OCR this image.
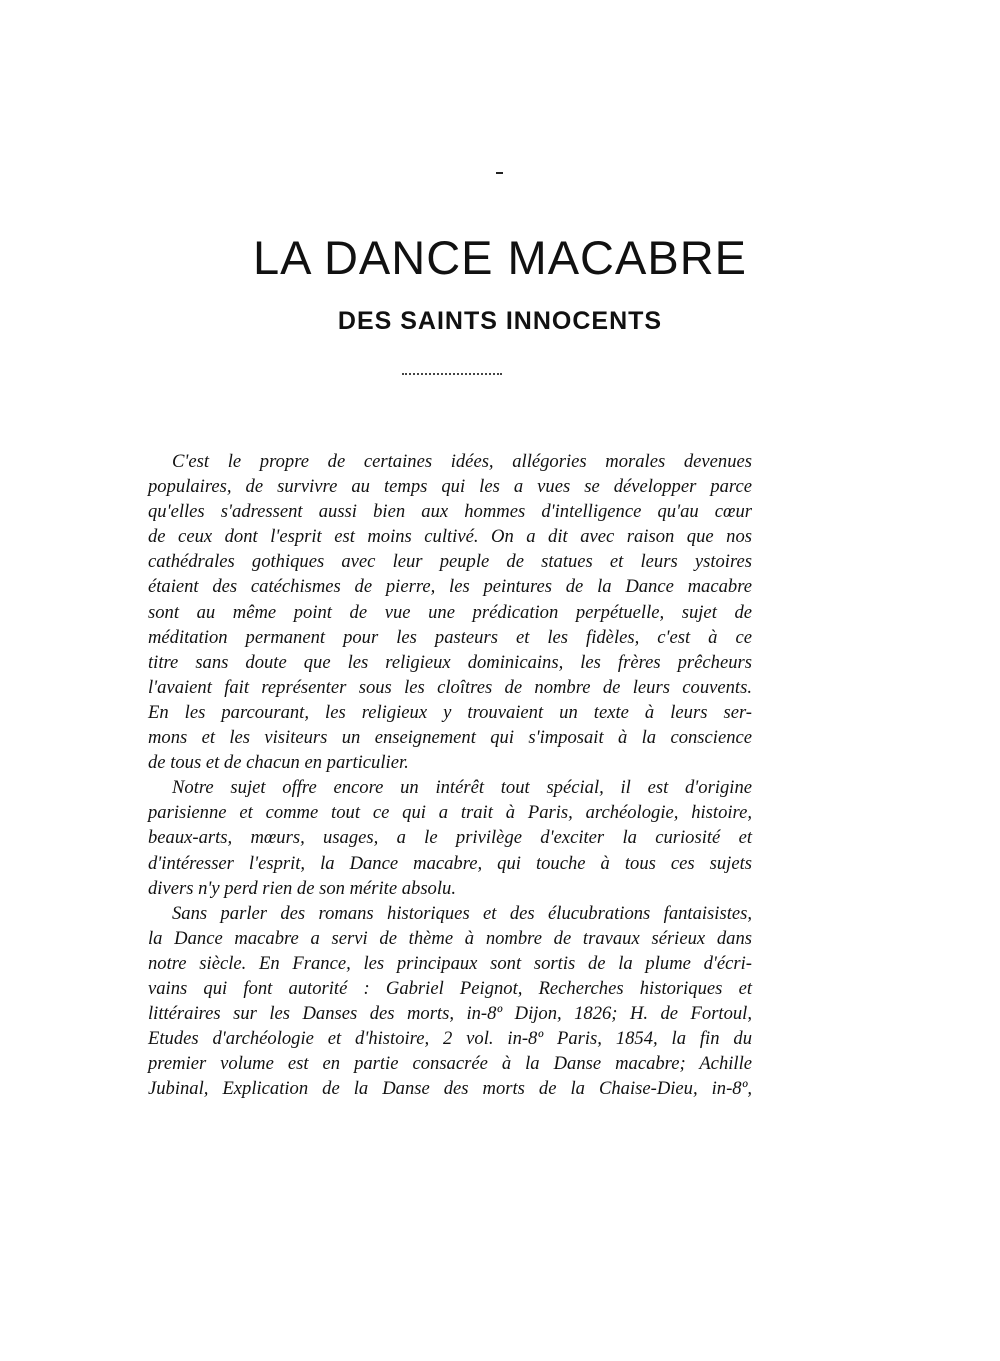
LA DANCE MACABRE
DES SAINTS INNOCENTS

C'est le propre de certaines idées, allégories morales devenues
populaires, de survivre au temps qui les a vues se développer parce
qu'elles s'adressent aussi bien aux hommes d'intelligence qu'au cœur
de ceux dont l'esprit est moins cultivé. On a dit avec raison que nos
cathédrales gothiques avec leur peuple de statues et leurs ystoires
étaient des catéchismes de pierre, les peintures de la Dance macabre
sont au même point de vue une prédication perpétuelle, sujet de
méditation permanent pour les pasteurs et les fidèles, c'est à ce
titre sans doute que les religieux dominicains, les frères prêcheurs
l'avaient fait représenter sous les cloîtres de nombre de leurs couvents.
En les parcourant, les religieux y trouvaient un texte à leurs ser-
mons et les visiteurs un enseignement qui s'imposait à la conscience
de tous et de chacun en particulier.

Notre sujet offre encore un intérêt tout spécial, il est d'origine
parisienne et comme tout ce qui a trait à Paris, archéologie, histoire,
beaux-arts, mœurs, usages, a le privilège d'exciter la curiosité et
d'intéresser l'esprit, la Dance macabre, qui touche à tous ces sujets
divers n'y perd rien de son mérite absolu.

Sans parler des romans historiques et des élucubrations fantaisistes,
la Dance macabre a servi de thème à nombre de travaux sérieux dans
notre siècle. En France, les principaux sont sortis de la plume d'écri-
vains qui font autorité : Gabriel Peignot, Recherches historiques et
littéraires sur les Danses des morts, in-8º Dijon, 1826; H. de Fortoul,
Etudes d'archéologie et d'histoire, 2 vol. in-8º Paris, 1854, la fin du
premier volume est en partie consacrée à la Danse macabre; Achille
Jubinal, Explication de la Danse des morts de la Chaise-Dieu, in-8º,
